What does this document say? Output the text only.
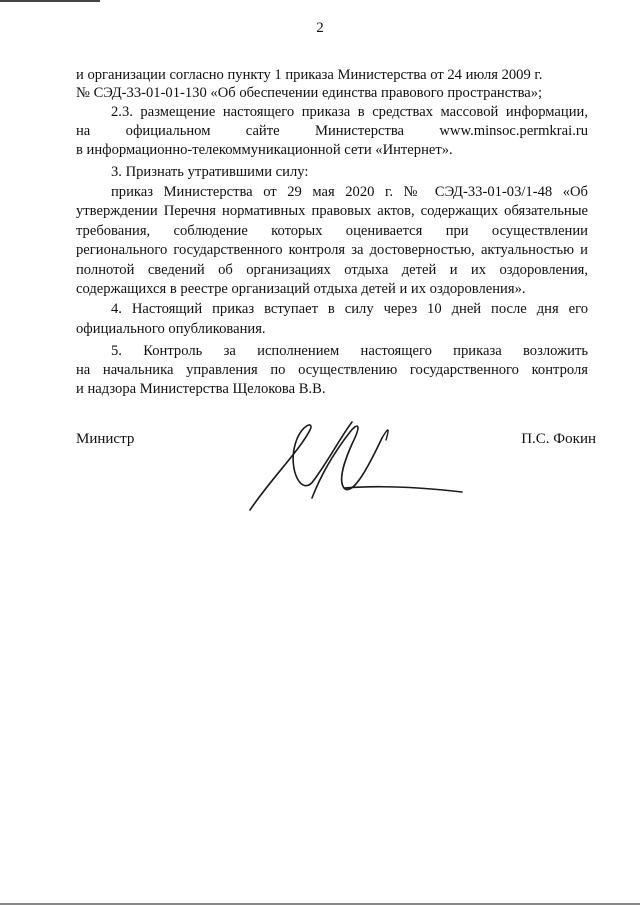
2
и организации согласно пункту 1 приказа Министерства от 24 июля 2009 г.
№ СЭД-33-01-01-130 «Об обеспечении единства правового пространства»;
2.3. размещение настоящего приказа в средствах массовой информации,
на официальном сайте Министерства www.minsoc.permkrai.ru
в информационно-телекоммуникационной сети «Интернет».
3. Признать утратившими силу:
приказ Министерства от 29 мая 2020 г. № СЭД-33-01-03/1-48 «Об
утверждении Перечня нормативных правовых актов, содержащих обязательные
требования, соблюдение которых оценивается при осуществлении
регионального государственного контроля за достоверностью, актуальностью и
полнотой сведений об организациях отдыха детей и их оздоровления,
содержащихся в реестре организаций отдыха детей и их оздоровления».
4. Настоящий приказ вступает в силу через 10 дней после дня его
официального опубликования.
5. Контроль за исполнением настоящего приказа возложить
на начальника управления по осуществлению государственного контроля
и надзора Министерства Щелокова В.В.
Министр	П.С. Фокин
